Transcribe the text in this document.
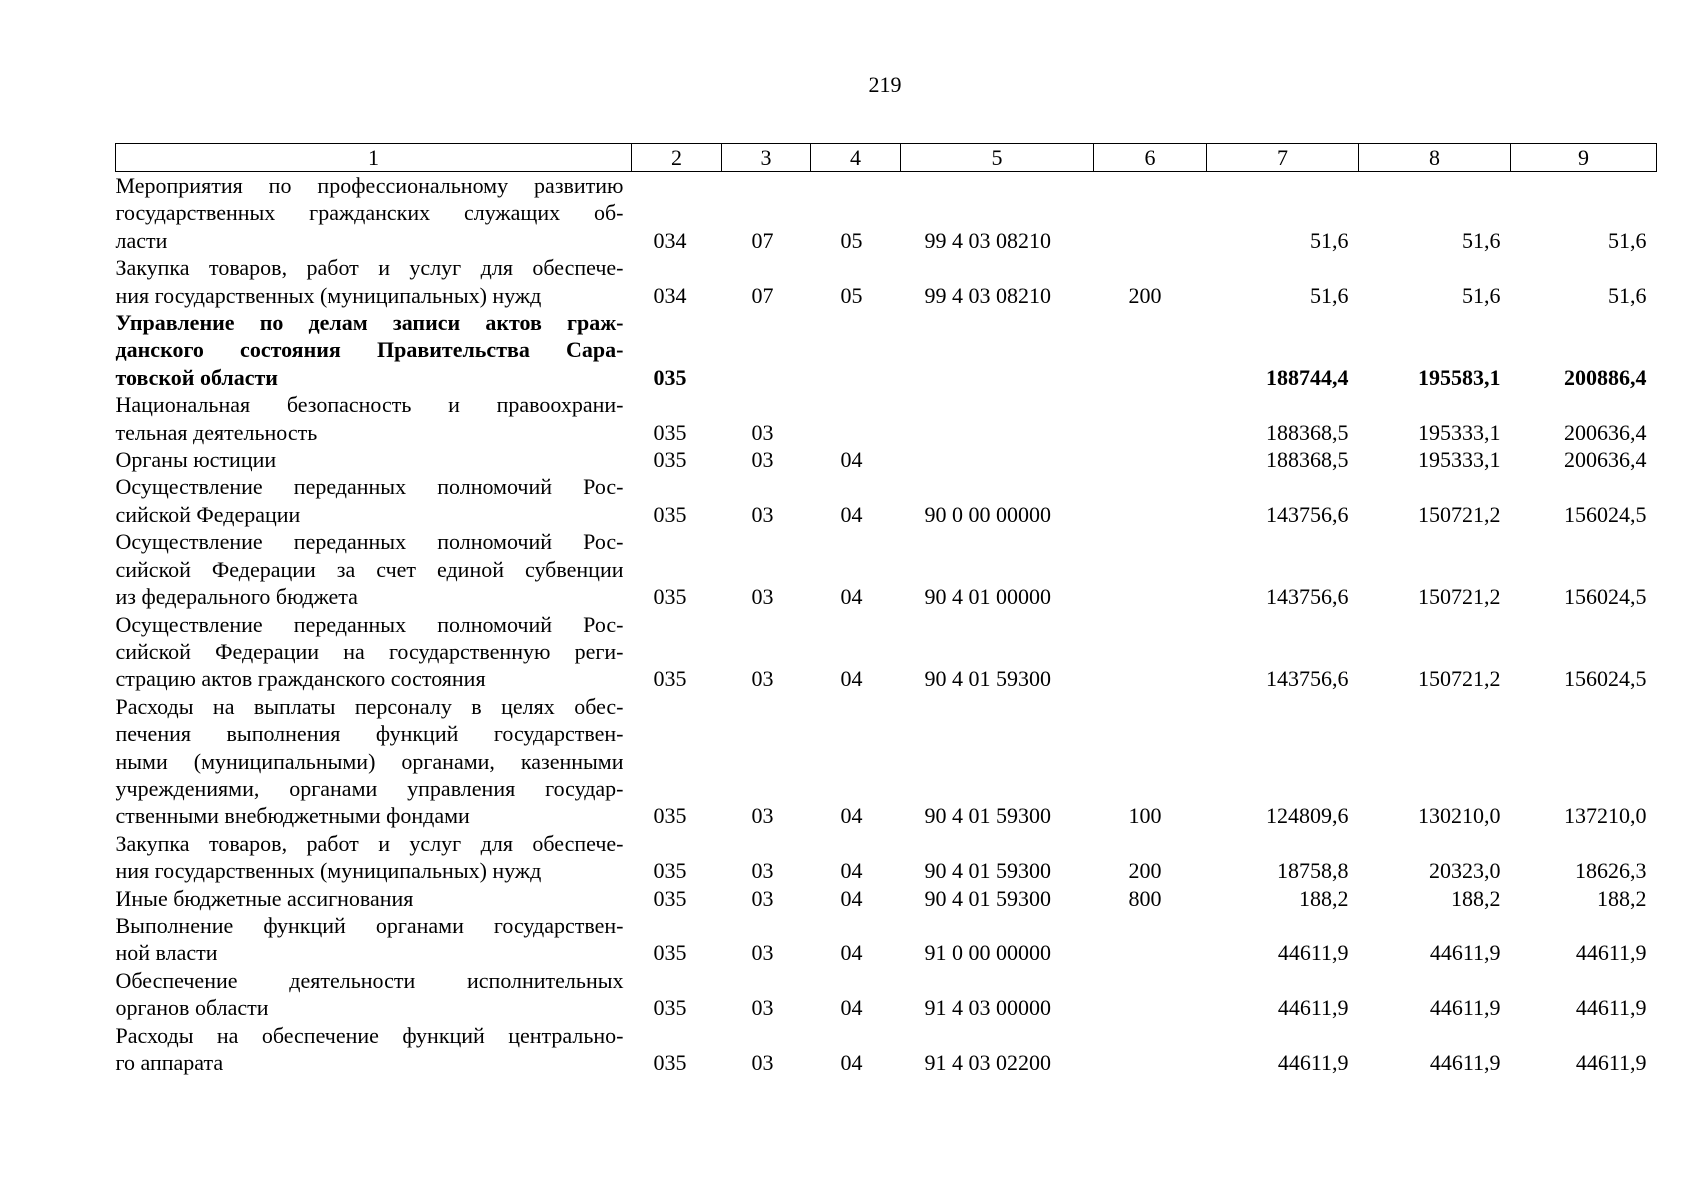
219
1	2	3	4	5	6	7	8	9

Мероприятия по профессиональному развитию
государственных гражданских служащих об-
ласти	034	07	05	99 4 03 08210		51,6	51,6	51,6

Закупка товаров, работ и услуг для обеспече-
ния государственных (муниципальных) нужд	034	07	05	99 4 03 08210	200	51,6	51,6	51,6

Управление по делам записи актов граж-
данского состояния Правительства Сара-
товской области	035					188744,4	195583,1	200886,4

Национальная безопасность и правоохрани-
тельная деятельность	035	03				188368,5	195333,1	200636,4

Органы юстиции	035	03	04			188368,5	195333,1	200636,4

Осуществление переданных полномочий Рос-
сийской Федерации	035	03	04	90 0 00 00000		143756,6	150721,2	156024,5

Осуществление переданных полномочий Рос-
сийской Федерации за счет единой субвенции
из федерального бюджета	035	03	04	90 4 01 00000		143756,6	150721,2	156024,5

Осуществление переданных полномочий Рос-
сийской Федерации на государственную реги-
страцию актов гражданского состояния	035	03	04	90 4 01 59300		143756,6	150721,2	156024,5

Расходы на выплаты персоналу в целях обес-
печения выполнения функций государствен-
ными (муниципальными) органами, казенными
учреждениями, органами управления государ-
ственными внебюджетными фондами	035	03	04	90 4 01 59300	100	124809,6	130210,0	137210,0

Закупка товаров, работ и услуг для обеспече-
ния государственных (муниципальных) нужд	035	03	04	90 4 01 59300	200	18758,8	20323,0	18626,3

Иные бюджетные ассигнования	035	03	04	90 4 01 59300	800	188,2	188,2	188,2

Выполнение функций органами государствен-
ной власти	035	03	04	91 0 00 00000		44611,9	44611,9	44611,9

Обеспечение деятельности исполнительных
органов области	035	03	04	91 4 03 00000		44611,9	44611,9	44611,9

Расходы на обеспечение функций центрально-
го аппарата	035	03	04	91 4 03 02200		44611,9	44611,9	44611,9
